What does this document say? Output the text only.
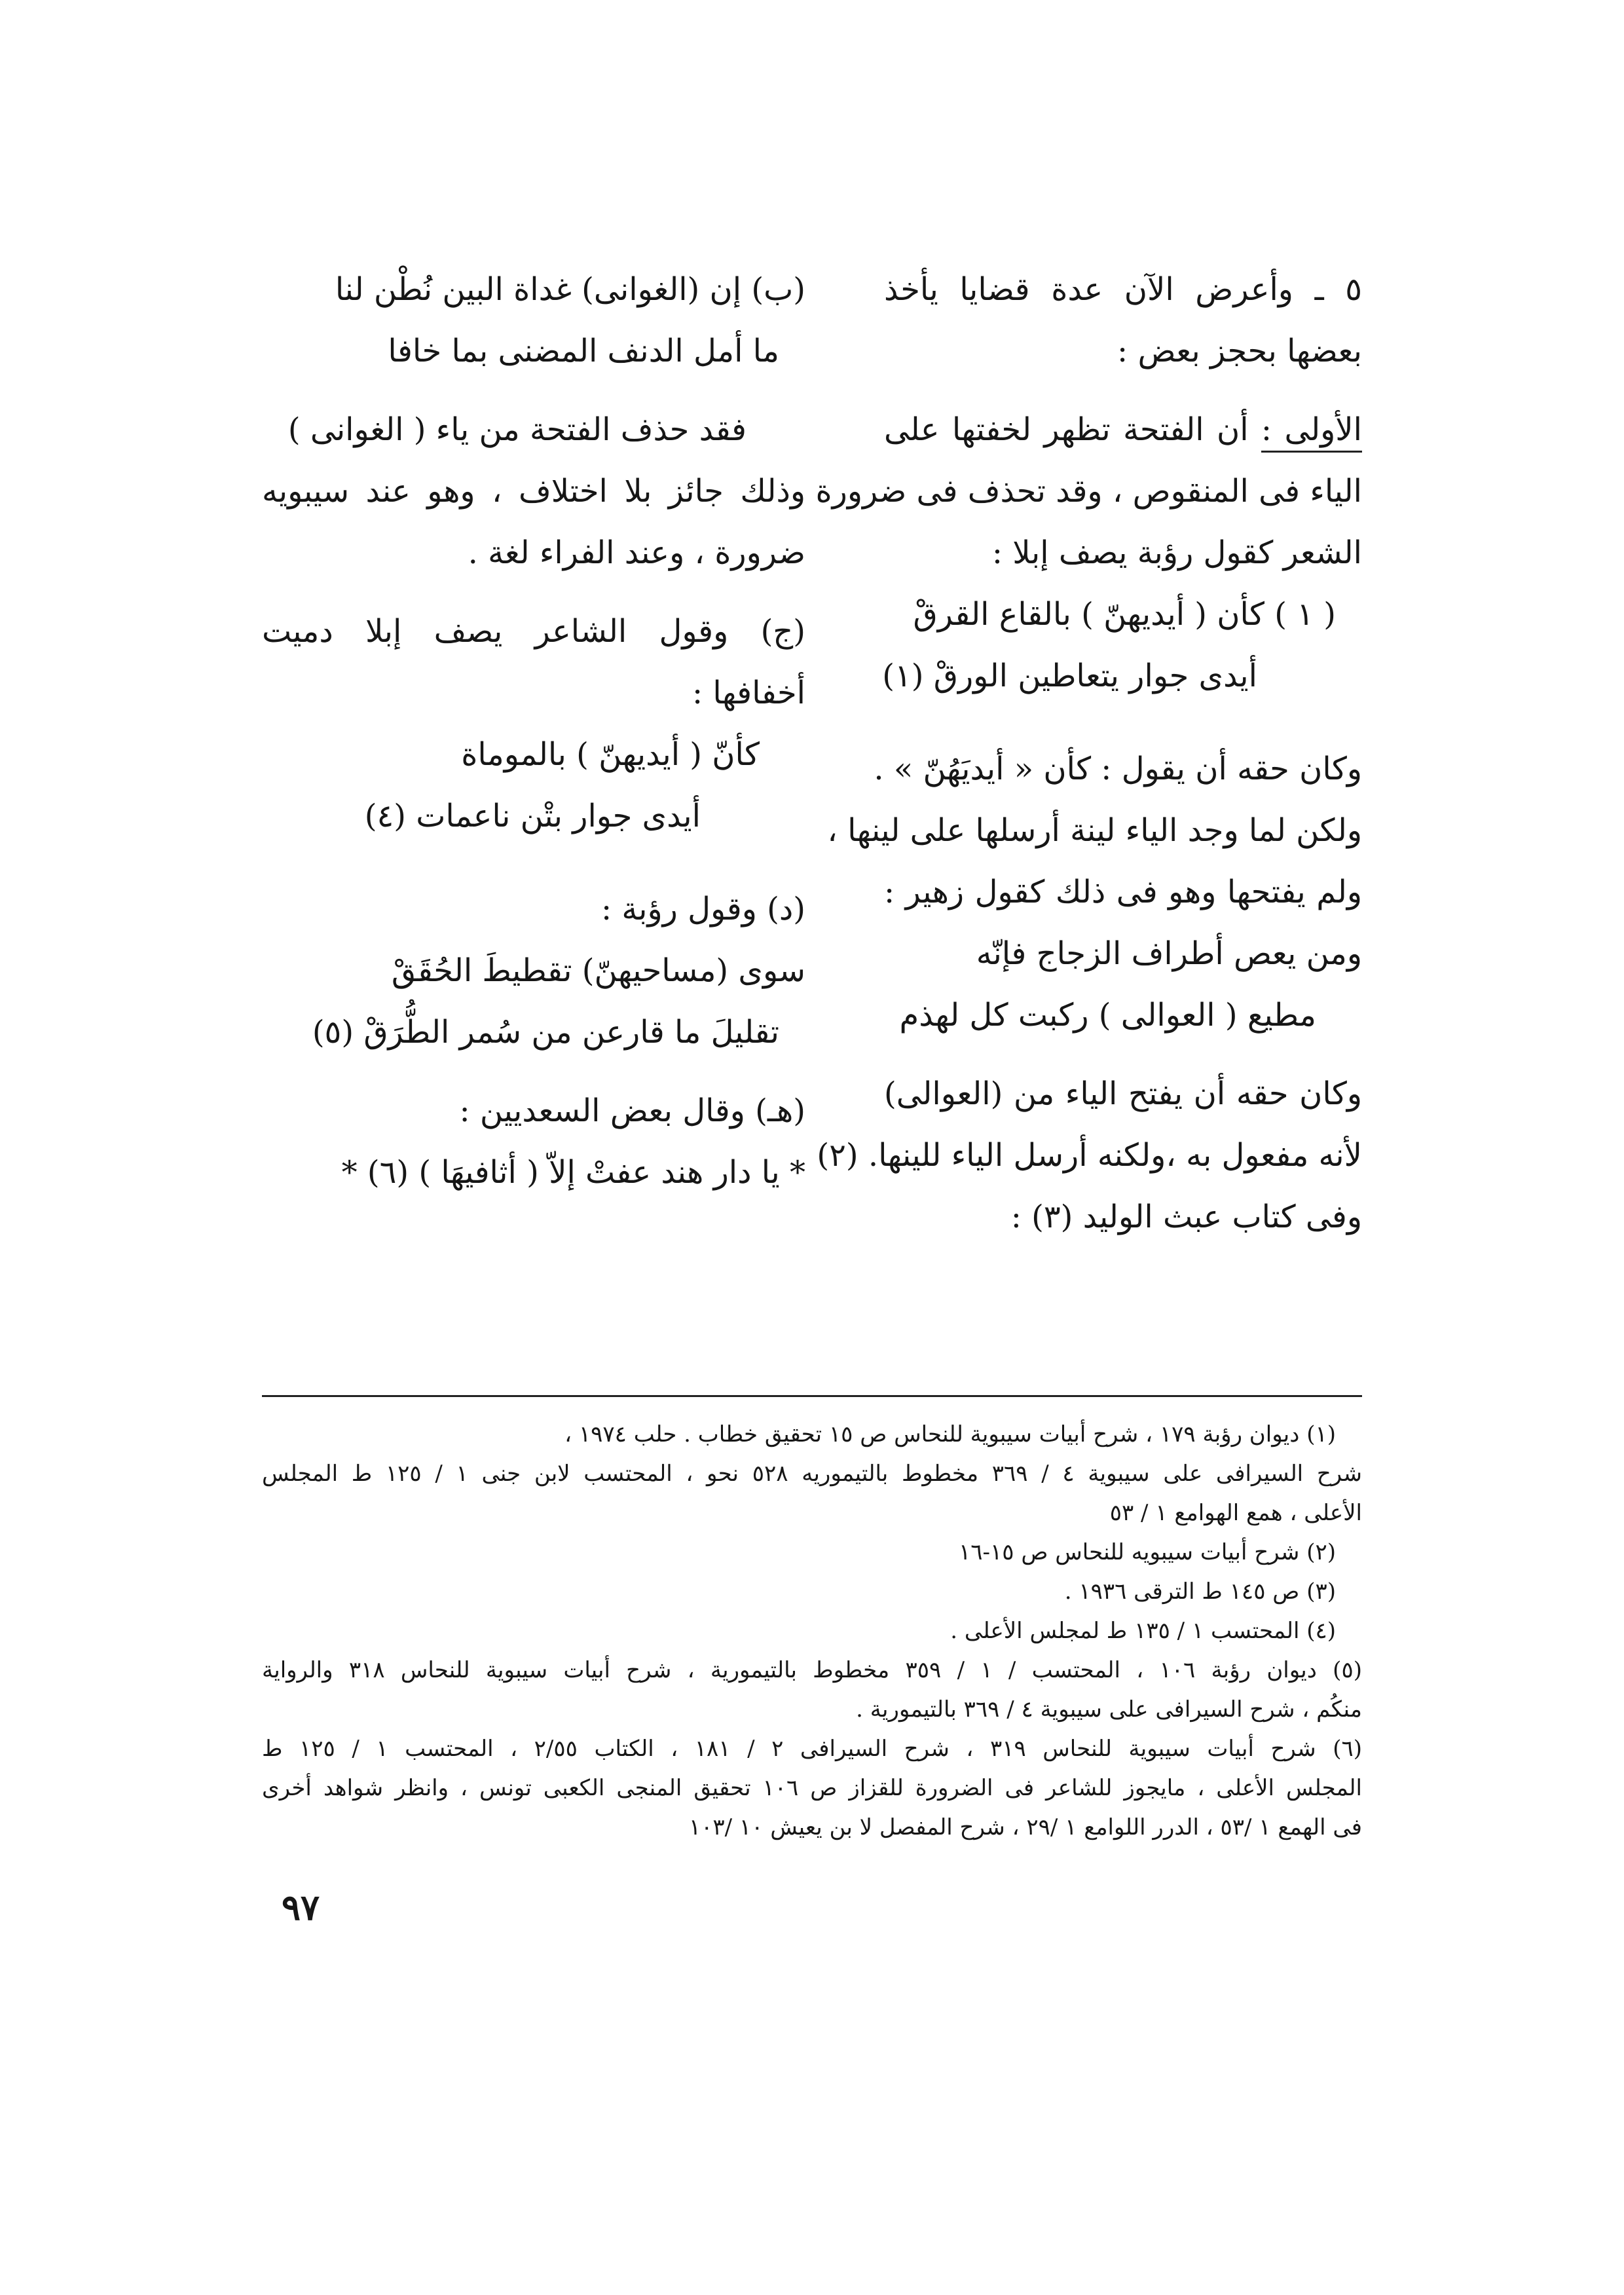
٥ ـ وأعرض الآن عدة قضايا يأخذ
بعضها بحجز بعض :
الأولى : أن الفتحة تظهر لخفتها على
الياء فى المنقوص ، وقد تحذف فى ضرورة
الشعر كقول رؤبة يصف إبلا :
( ١ ) كأن ( أيديهنّ ) بالقاع القرقْ
أيدى جوار يتعاطين الورقْ (١)
وكان حقه أن يقول : كأن « أيديَهُنّ » .
ولكن لما وجد الياء لينة أرسلها على لينها ،
ولم يفتحها وهو فى ذلك كقول زهير :
ومن يعص أطراف الزجاج فإنّه
مطيع ( العوالى ) ركبت كل لهذم
وكان حقه أن يفتح الياء من (العوالى)
لأنه مفعول به ،ولكنه أرسل الياء للينها. (٢)
وفى كتاب عبث الوليد (٣) :
(ب) إن (الغوانى) غداة البين نُطْن لنا
ما أمل الدنف المضنى بما خافا
فقد حذف الفتحة من ياء ( الغوانى )
وذلك جائز بلا اختلاف ، وهو عند سيبويه
ضرورة ، وعند الفراء لغة .
(ج) وقول الشاعر يصف إبلا دميت
أخفافها :
كأنّ ( أيديهنّ ) بالموماة
أيدى جوار بتْن ناعمات (٤)
(د) وقول رؤبة :
سوى (مساحيهنّ) تقطيطَ الحُقَقْ
تقليلَ ما قارعن من سُمر الطُّرَقْ (٥)
(هـ) وقال بعض السعديين :
* يا دار هند عفتْ إلاّ ( أثافيهَا ) (٦) *
(١) ديوان رؤبة ١٧٩ ، شرح أبيات سيبوية للنحاس ص ١٥ تحقيق خطاب . حلب ١٩٧٤ ،
شرح السيرافى على سيبوية ٤ / ٣٦٩ مخطوط بالتيموريه ٥٢٨ نحو ، المحتسب لابن جنى ١ / ١٢٥ ط المجلس
الأعلى ، همع الهوامع ١ / ٥٣
(٢) شرح أبيات سيبويه للنحاس ص ١٥-١٦
(٣) ص ١٤٥ ط الترقى ١٩٣٦ .
(٤) المحتسب ١ / ١٣٥ ط لمجلس الأعلى .
(٥) ديوان رؤبة ١٠٦ ، المحتسب / ١ / ٣٥٩ مخطوط بالتيمورية ، شرح أبيات سيبوية للنحاس ٣١٨ والرواية
منكُم ، شرح السيرافى على سيبوية ٤ / ٣٦٩ بالتيمورية .
(٦) شرح أبيات سيبوية للنحاس ٣١٩ ، شرح السيرافى ٢ / ١٨١ ، الكتاب ٢/٥٥ ، المحتسب ١ / ١٢٥ ط
المجلس الأعلى ، مايجوز للشاعر فى الضرورة للقزاز ص ١٠٦ تحقيق المنجى الكعبى تونس ، وانظر شواهد أخرى
فى الهمع ١ /٥٣ ، الدرر اللوامع ١ /٢٩ ، شرح المفصل لا بن يعيش ١٠ /١٠٣
٩٧
